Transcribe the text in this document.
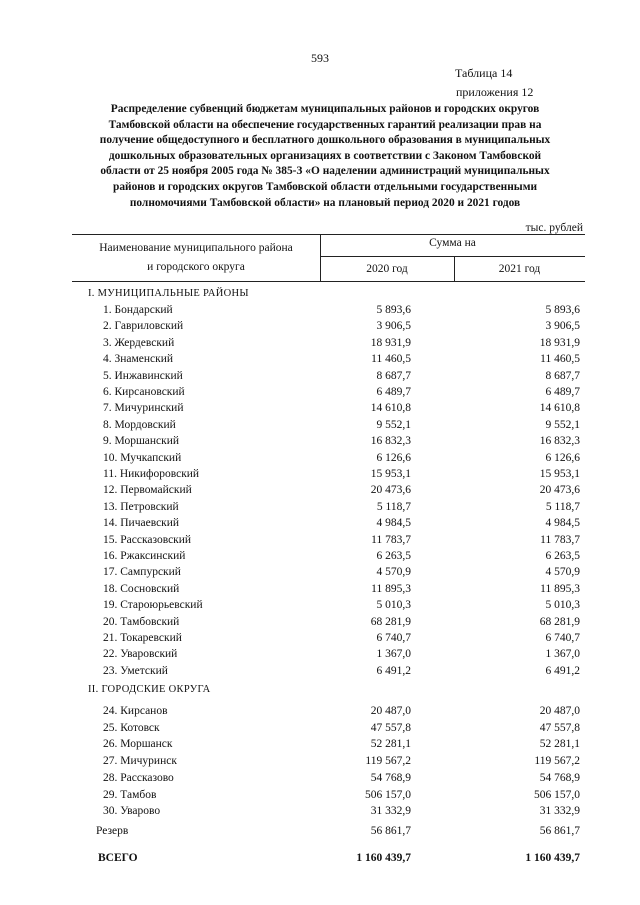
593
Таблица 14
приложения 12
Распределение субвенций бюджетам муниципальных районов и городских округов
Тамбовской области на обеспечение государственных гарантий реализации прав на
получение общедоступного и бесплатного дошкольного образования в муниципальных
дошкольных образовательных организациях в соответствии с Законом Тамбовской
области от 25 ноября 2005 года № 385-З «О наделении администраций муниципальных
районов и городских округов Тамбовской области отдельными государственными
полномочиями Тамбовской области» на плановый период 2020 и 2021 годов
тыс. рублей
Наименование муниципального района
и городского округа
Сумма на
2020 год	2021 год
I. МУНИЦИПАЛЬНЫЕ РАЙОНЫ
1. Бондарский	5 893,6	5 893,6
2. Гавриловский	3 906,5	3 906,5
3. Жердевский	18 931,9	18 931,9
4. Знаменский	11 460,5	11 460,5
5. Инжавинский	8 687,7	8 687,7
6. Кирсановский	6 489,7	6 489,7
7. Мичуринский	14 610,8	14 610,8
8. Мордовский	9 552,1	9 552,1
9. Моршанский	16 832,3	16 832,3
10. Мучкапский	6 126,6	6 126,6
11. Никифоровский	15 953,1	15 953,1
12. Первомайский	20 473,6	20 473,6
13. Петровский	5 118,7	5 118,7
14. Пичаевский	4 984,5	4 984,5
15. Рассказовский	11 783,7	11 783,7
16. Ржаксинский	6 263,5	6 263,5
17. Сампурский	4 570,9	4 570,9
18. Сосновский	11 895,3	11 895,3
19. Староюрьевский	5 010,3	5 010,3
20. Тамбовский	68 281,9	68 281,9
21. Токаревский	6 740,7	6 740,7
22. Уваровский	1 367,0	1 367,0
23. Уметский	6 491,2	6 491,2
II. ГОРОДСКИЕ ОКРУГА
24. Кирсанов	20 487,0	20 487,0
25. Котовск	47 557,8	47 557,8
26. Моршанск	52 281,1	52 281,1
27. Мичуринск	119 567,2	119 567,2
28. Рассказово	54 768,9	54 768,9
29. Тамбов	506 157,0	506 157,0
30. Уварово	31 332,9	31 332,9
Резерв	56 861,7	56 861,7
ВСЕГО	1 160 439,7	1 160 439,7
